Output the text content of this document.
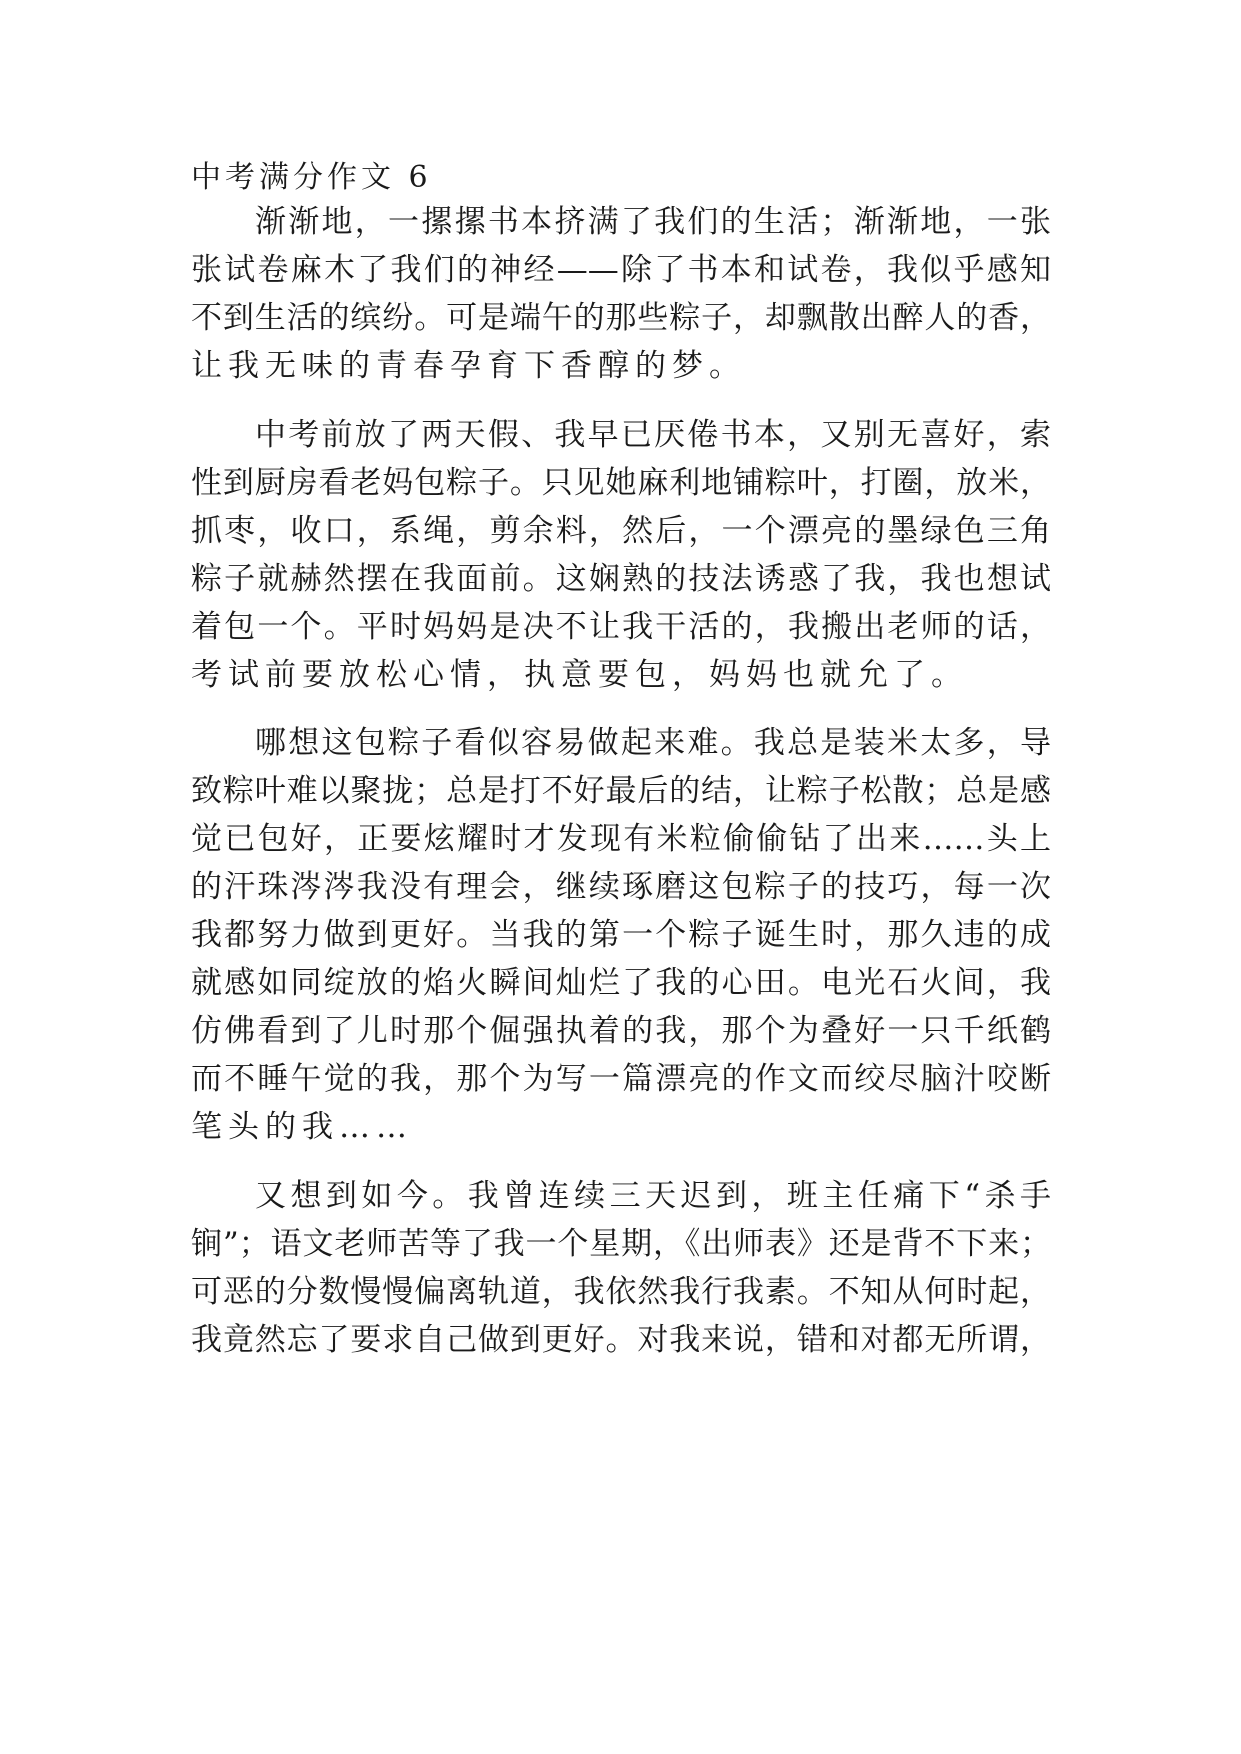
中考满分作文 6
渐渐地，一摞摞书本挤满了我们的生活；渐渐地，一张
张试卷麻木了我们的神经——除了书本和试卷，我似乎感知
不到生活的缤纷。可是端午的那些粽子，却飘散出醉人的香，
让我无味的青春孕育下香醇的梦。
中考前放了两天假、我早已厌倦书本，又别无喜好，索
性到厨房看老妈包粽子。只见她麻利地铺粽叶，打圈，放米，
抓枣，收口，系绳，剪余料，然后，一个漂亮的墨绿色三角
粽子就赫然摆在我面前。这娴熟的技法诱惑了我，我也想试
着包一个。平时妈妈是决不让我干活的，我搬出老师的话，
考试前要放松心情，执意要包，妈妈也就允了。
哪想这包粽子看似容易做起来难。我总是装米太多，导
致粽叶难以聚拢；总是打不好最后的结，让粽子松散；总是感
觉已包好，正要炫耀时才发现有米粒偷偷钻了出来……头上
的汗珠涔涔我没有理会，继续琢磨这包粽子的技巧，每一次
我都努力做到更好。当我的第一个粽子诞生时，那久违的成
就感如同绽放的焰火瞬间灿烂了我的心田。电光石火间，我
仿佛看到了儿时那个倔强执着的我，那个为叠好一只千纸鹤
而不睡午觉的我，那个为写一篇漂亮的作文而绞尽脑汁咬断
笔头的我……
又想到如今。我曾连续三天迟到，班主任痛下“杀手
锏”；语文老师苦等了我一个星期，《出师表》还是背不下来；
可恶的分数慢慢偏离轨道，我依然我行我素。不知从何时起，
我竟然忘了要求自己做到更好。对我来说，错和对都无所谓，
